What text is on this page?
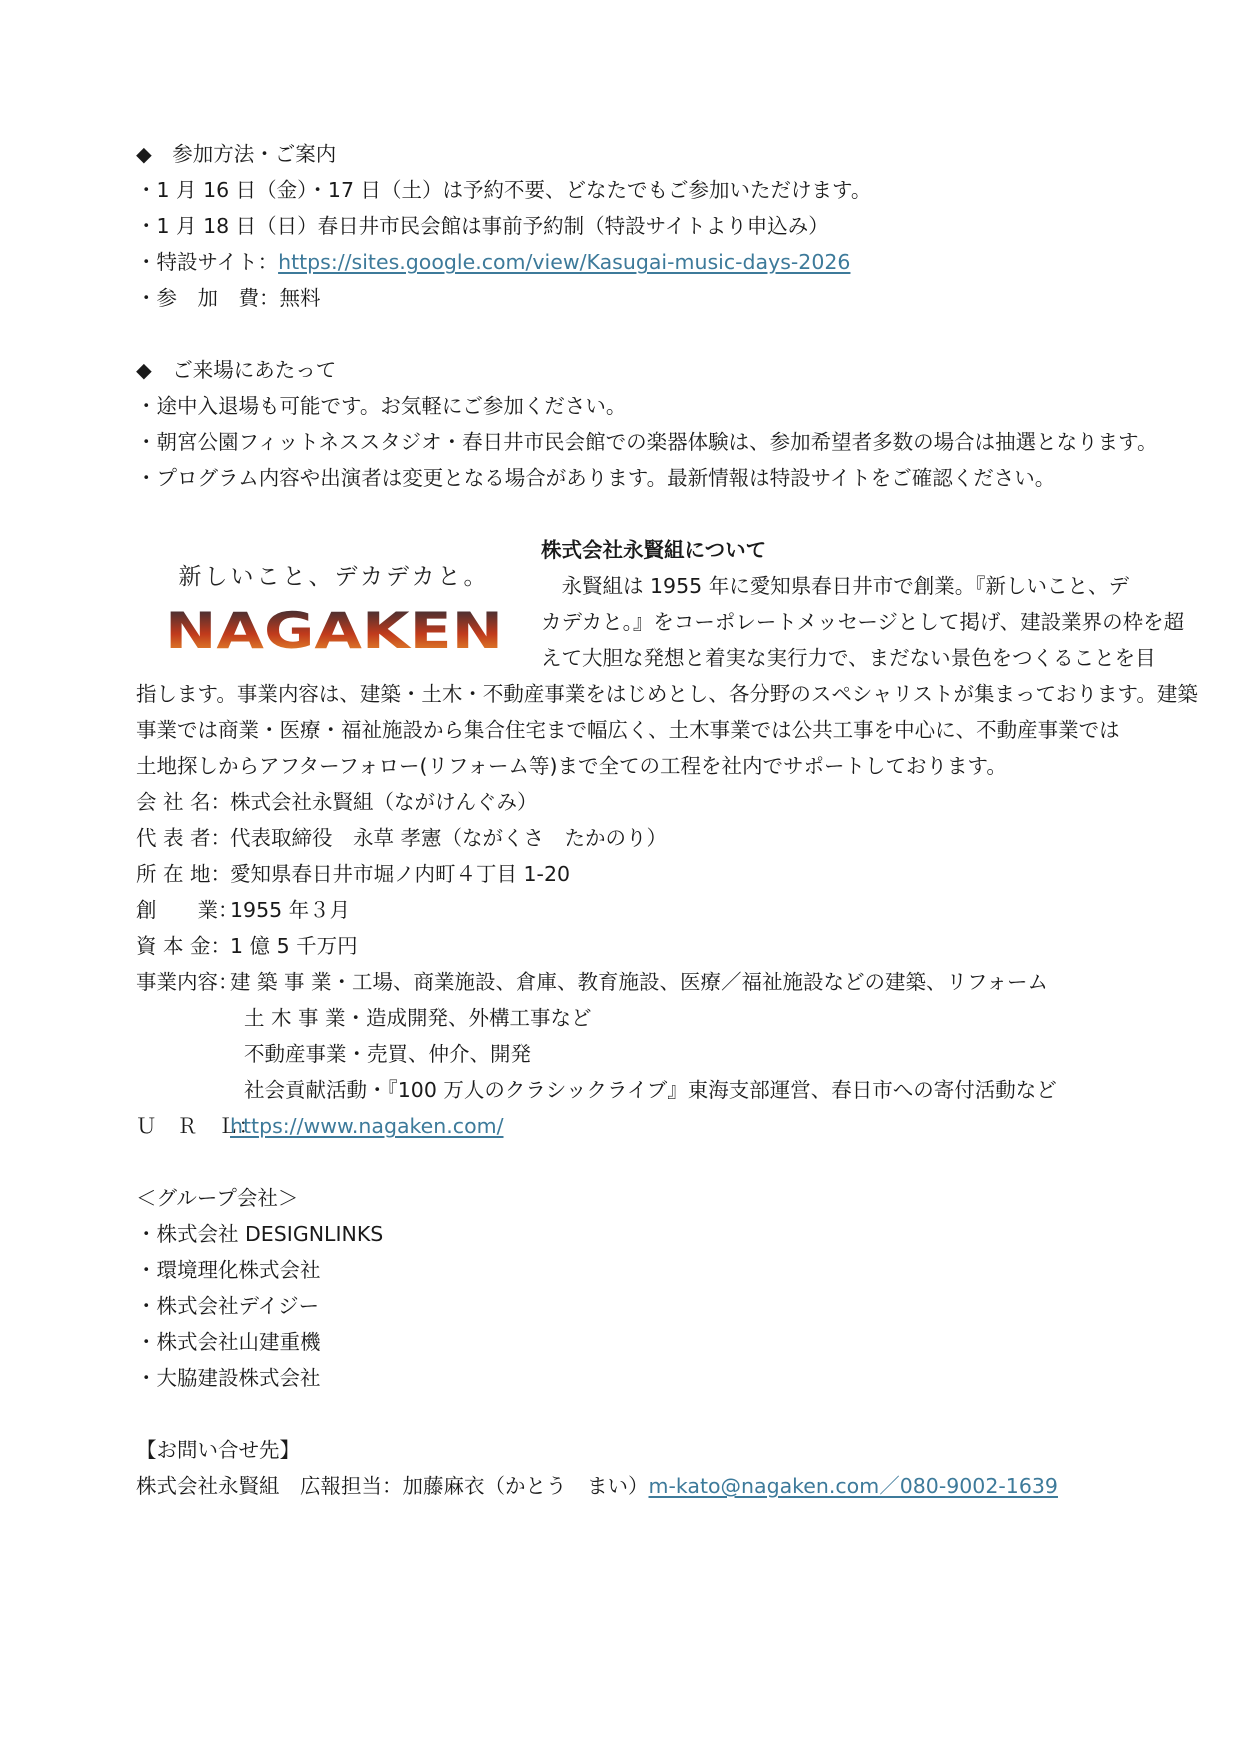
◆　参加方法・ご案内
・1 月 16 日（金）・17 日（土）は予約不要、どなたでもご参加いただけます。
・1 月 18 日（日）春日井市民会館は事前予約制（特設サイトより申込み）
・特設サイト：https://sites.google.com/view/Kasugai-music-days-2026
・参　加　費：無料
◆　ご来場にあたって
・途中入退場も可能です。お気軽にご参加ください。
・朝宮公園フィットネススタジオ・春日井市民会館での楽器体験は、参加希望者多数の場合は抽選となります。
・プログラム内容や出演者は変更となる場合があります。最新情報は特設サイトをご確認ください。
新しいこと、デカデカと。
NAGAKEN
株式会社永賢組について
　永賢組は 1955 年に愛知県春日井市で創業。『新しいこと、デ
カデカと。』をコーポレートメッセージとして掲げ、建設業界の枠を超
えて大胆な発想と着実な実行力で、まだない景色をつくることを目
指します。事業内容は、建築・土木・不動産事業をはじめとし、各分野のスペシャリストが集まっております。建築
事業では商業・医療・福祉施設から集合住宅まで幅広く、土木事業では公共工事を中心に、不動産事業では
土地探しからアフターフォロー(リフォーム等)まで全ての工程を社内でサポートしております。
会 社 名：株式会社永賢組（ながけんぐみ）
代 表 者：代表取締役　永草 孝憲（ながくさ　たかのり）
所 在 地：愛知県春日井市堀ノ内町４丁目 1-20
創　　業：1955 年３月
資 本 金：1 億 5 千万円
事業内容：建 築 事 業・工場、商業施設、倉庫、教育施設、医療／福祉施設などの建築、リフォーム
土 木 事 業・造成開発、外構工事など
不動産事業・売買、仲介、開発
社会貢献活動・『100 万人のクラシックライブ』東海支部運営、春日市への寄付活動など
Ｕ　Ｒ　Ｌ：https://www.nagaken.com/
＜グループ会社＞
・株式会社 DESIGNLINKS
・環境理化株式会社
・株式会社デイジー
・株式会社山建重機
・大脇建設株式会社
【お問い合せ先】
株式会社永賢組　広報担当：加藤麻衣（かとう　まい）m-kato@nagaken.com／080-9002-1639
